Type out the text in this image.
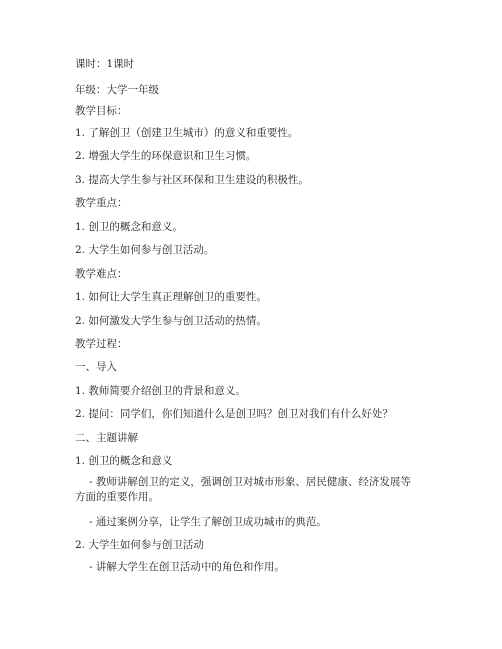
课时：1课时
年级：大学一年级
教学目标：
1. 了解创卫（创建卫生城市）的意义和重要性。
2. 增强大学生的环保意识和卫生习惯。
3. 提高大学生参与社区环保和卫生建设的积极性。
教学重点：
1. 创卫的概念和意义。
2. 大学生如何参与创卫活动。
教学难点：
1. 如何让大学生真正理解创卫的重要性。
2. 如何激发大学生参与创卫活动的热情。
教学过程：
一、导入
1. 教师简要介绍创卫的背景和意义。
2. 提问：同学们，你们知道什么是创卫吗？创卫对我们有什么好处？
二、主题讲解
1. 创卫的概念和意义
- 教师讲解创卫的定义，强调创卫对城市形象、居民健康、经济发展等方面的重要作用。
- 通过案例分享，让学生了解创卫成功城市的典范。
2. 大学生如何参与创卫活动
- 讲解大学生在创卫活动中的角色和作用。
